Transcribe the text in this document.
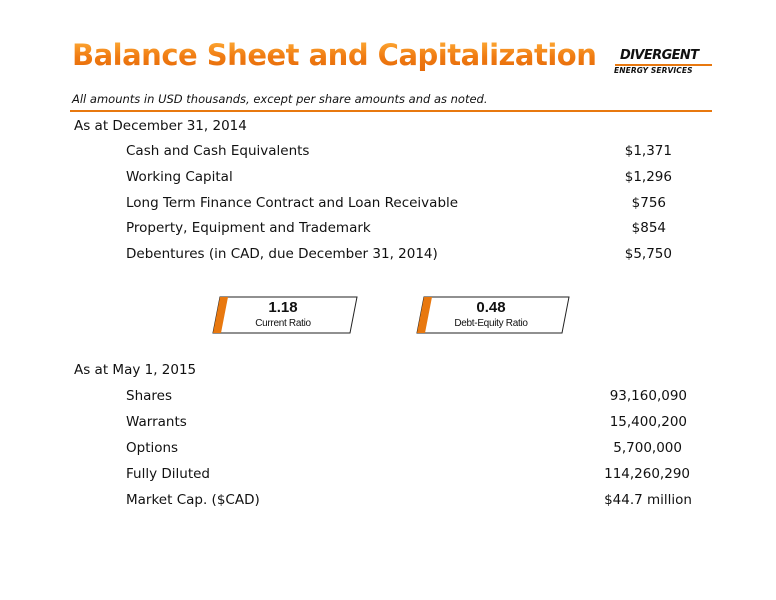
Balance Sheet and Capitalization DIVERGENT
ENERGY SERVICES
All amounts in USD thousands, except per share amounts and as noted.
As at December 31, 2014
Cash and Cash Equivalents	$1,371
Working Capital	$1,296
Long Term Finance Contract and Loan Receivable	$756
Property, Equipment and Trademark	$854
Debentures (in CAD, due December 31, 2014)	$5,750
1.18
Current Ratio
0.48
Debt-Equity Ratio
As at May 1, 2015
Shares	93,160,090
Warrants	15,400,200
Options	5,700,000
Fully Diluted	114,260,290
Market Cap. ($CAD)	$44.7 million
